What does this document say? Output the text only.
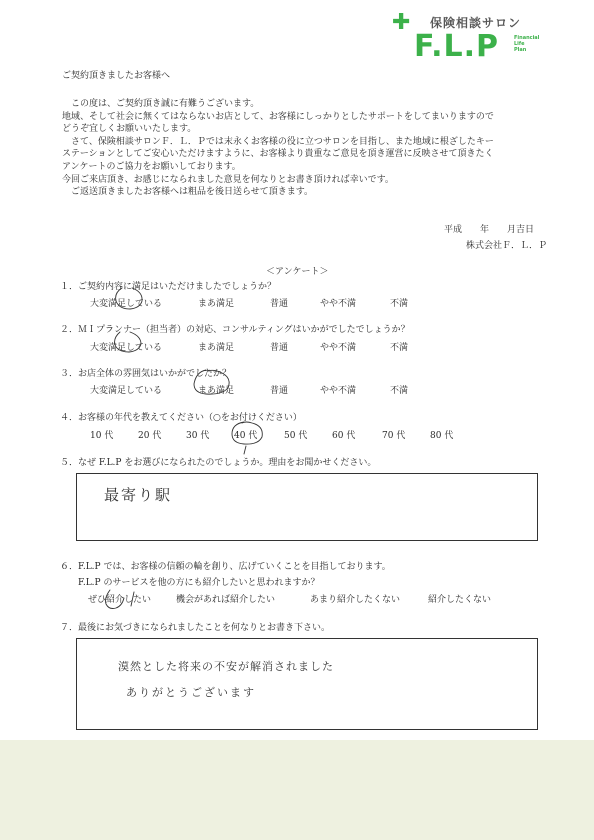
✚ 保険相談サロン
F.L.P	Financial
Life
Plan
ご契約頂きましたお客様へ
　この度は、ご契約頂き誠に有難うございます。
地域、そして社会に無くてはならないお店として、お客様にしっかりとしたサポートをしてまいりますので
どうぞ宜しくお願いいたします。
　さて、保険相談サロンＦ．Ｌ．Ｐでは末永くお客様の役に立つサロンを目指し、また地域に根ざしたキー
ステーションとしてご安心いただけますように、お客様より貴重なご意見を頂き運営に反映させて頂きたく
アンケートのご協力をお願いしております。
今回ご来店頂き、お感じになられました意見を何なりとお書き頂ければ幸いです。
　ご返送頂きましたお客様へは粗品を後日送らせて頂きます。
平成　　年　　月吉日
株式会社Ｆ．Ｌ．Ｐ
＜アンケート＞
１．ご契約内容に満足はいただけましたでしょうか？
大変満足している	まあ満足	普通	やや不満	不満
２．ＭＩプランナー（担当者）の対応、コンサルティングはいかがでしたでしょうか？
大変満足している	まあ満足	普通	やや不満	不満
３．お店全体の雰囲気はいかがでしたか？
大変満足している	まあ満足	普通	やや不満	不満
４．お客様の年代を教えてください（○をお付けください）
10 代	20 代	30 代	40 代	50 代	60 代	70 代	80 代
５．なぜ F.L.P をお選びになられたのでしょうか。理由をお聞かせください。
最寄り駅
６．F.L.P では、お客様の信頼の輪を創り、広げていくことを目指しております。
F.L.P のサービスを他の方にも紹介したいと思われますか？
ぜひ紹介したい	機会があれば紹介したい	あまり紹介したくない	紹介したくない
７．最後にお気づきになられましたことを何なりとお書き下さい。
漠然とした将来の不安が解消されました
ありがとうございます
